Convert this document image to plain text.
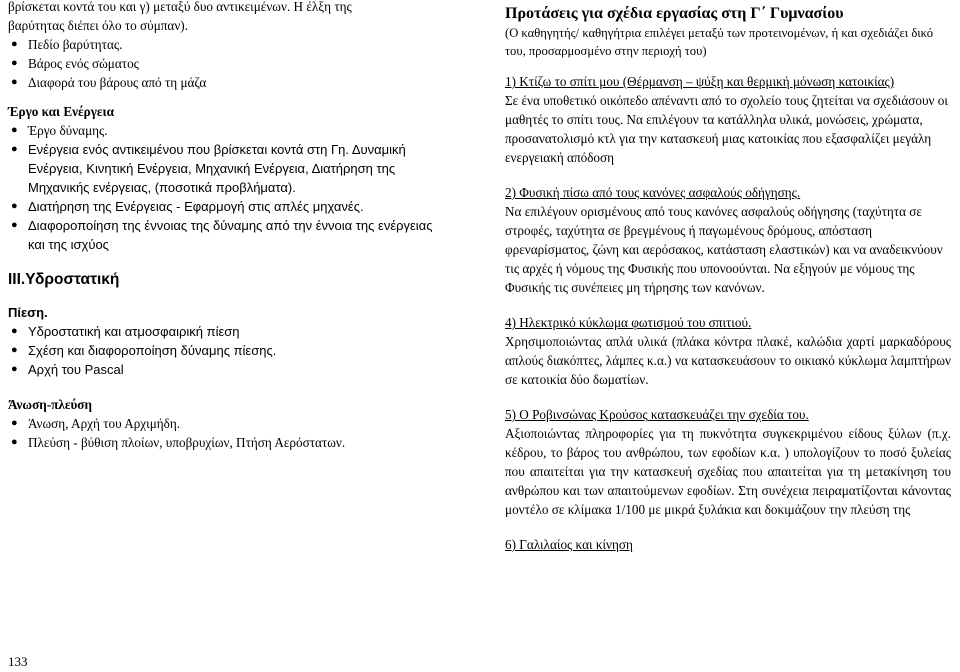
βρίσκεται κοντά του και γ) μεταξύ δυο αντικειμένων. Η έλξη της

βαρύτητας διέπει όλο το σύμπαν).

● Πεδίο βαρύτητας.
● Βάρος ενός σώματος
● Διαφορά του βάρους από τη μάζα

Έργο και Ενέργεια

● Έργο δύναμης.
● Ενέργεια ενός αντικειμένου που βρίσκεται κοντά στη Γη. Δυναμική Ενέργεια, Κινητική Ενέργεια, Μηχανική Ενέργεια, Διατήρηση της Μηχανικής ενέργειας, (ποσοτικά προβλήματα).
● Διατήρηση της Ενέργειας - Εφαρμογή στις απλές μηχανές.
● Διαφοροποίηση της έννοιας της δύναμης από την έννοια της ενέργειας και της ισχύος

ΙΙΙ.Υδροστατική

Πίεση.

● Υδροστατική και ατμοσφαιρική πίεση
● Σχέση και διαφοροποίηση δύναμης πίεσης.
● Αρχή του Pascal

Άνωση-πλεύση

● Άνωση, Αρχή του Αρχιμήδη.
● Πλεύση - βύθιση πλοίων, υποβρυχίων, Πτήση Αερόστατων.

Προτάσεις για σχέδια εργασίας στη Γ΄ Γυμνασίου

(Ο καθηγητής/ καθηγήτρια επιλέγει μεταξύ των προτεινομένων, ή και σχεδιάζει δικό του, προσαρμοσμένο στην περιοχή του)

1) Κτίζω το σπίτι μου (Θέρμανση – ψύξη και θερμική μόνωση κατοικίας)

Σε ένα υποθετικό οικόπεδο απέναντι από το σχολείο τους ζητείται να σχεδιάσουν οι μαθητές το σπίτι τους. Να επιλέγουν τα κατάλληλα υλικά, μονώσεις, χρώματα, προσανατολισμό κτλ για την κατασκευή μιας κατοικίας που εξασφαλίζει μεγάλη ενεργειακή απόδοση

2) Φυσική πίσω από τους κανόνες ασφαλούς οδήγησης.

Να επιλέγουν ορισμένους από τους κανόνες ασφαλούς οδήγησης (ταχύτητα σε στροφές, ταχύτητα σε βρεγμένους ή παγωμένους δρόμους, απόσταση φρεναρίσματος, ζώνη και αερόσακος, κατάσταση ελαστικών) και να αναδεικνύουν τις αρχές ή νόμους της Φυσικής που υπονοούνται. Να εξηγούν με νόμους της Φυσικής τις συνέπειες μη τήρησης των κανόνων.

4) Ηλεκτρικό κύκλωμα φωτισμού του σπιτιού.

Χρησιμοποιώντας απλά υλικά (πλάκα κόντρα πλακέ, καλώδια χαρτί μαρκαδόρους απλούς διακόπτες, λάμπες κ.α.) να κατασκευάσουν το οικιακό κύκλωμα λαμπτήρων σε κατοικία δύο δωματίων.

5) Ο Ροβινσώνας Κρούσος κατασκευάζει την σχεδία του.

Αξιοποιώντας πληροφορίες για τη πυκνότητα συγκεκριμένου είδους ξύλων (π.χ. κέδρου, το βάρος του ανθρώπου, των εφοδίων κ.α. ) υπολογίζουν το ποσό ξυλείας που απαιτείται για την κατασκευή σχεδίας που απαιτείται για τη μετακίνηση του ανθρώπου και των απαιτούμενων εφοδίων. Στη συνέχεια πειραματίζονται κάνοντας μοντέλο σε κλίμακα 1/100 με μικρά ξυλάκια και δοκιμάζουν την πλεύση της

6) Γαλιλαίος και κίνηση

133
